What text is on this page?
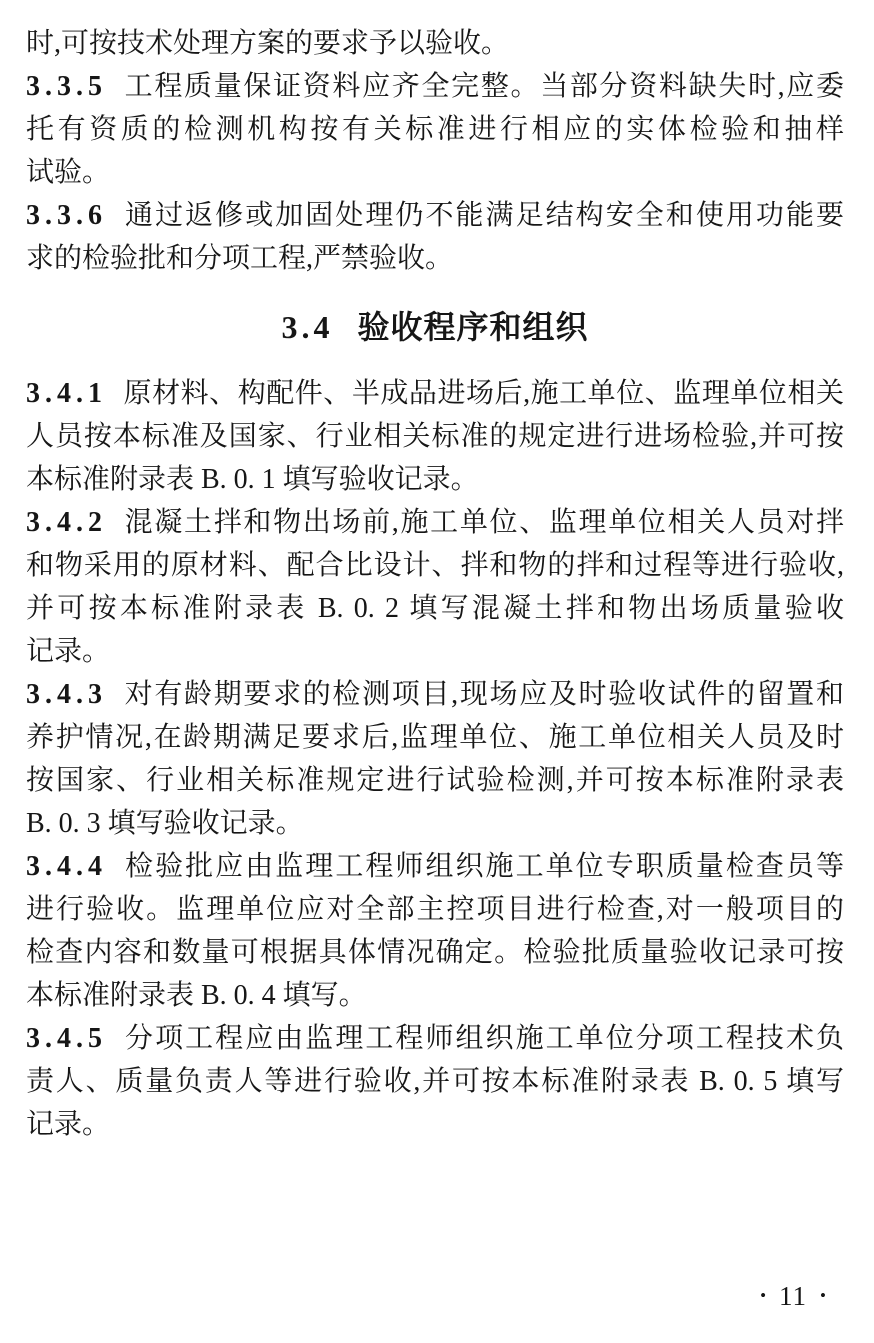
时,可按技术处理方案的要求予以验收。
3.3.5 工程质量保证资料应齐全完整。当部分资料缺失时,应委
托有资质的检测机构按有关标准进行相应的实体检验和抽样
试验。
3.3.6 通过返修或加固处理仍不能满足结构安全和使用功能要
求的检验批和分项工程,严禁验收。
3.4 验收程序和组织
3.4.1 原材料、构配件、半成品进场后,施工单位、监理单位相关
人员按本标准及国家、行业相关标准的规定进行进场检验,并可按
本标准附录表 B. 0. 1 填写验收记录。
3.4.2 混凝土拌和物出场前,施工单位、监理单位相关人员对拌
和物采用的原材料、配合比设计、拌和物的拌和过程等进行验收,
并可按本标准附录表 B. 0. 2 填写混凝土拌和物出场质量验收
记录。
3.4.3 对有龄期要求的检测项目,现场应及时验收试件的留置和
养护情况,在龄期满足要求后,监理单位、施工单位相关人员及时
按国家、行业相关标准规定进行试验检测,并可按本标准附录表
B. 0. 3 填写验收记录。
3.4.4 检验批应由监理工程师组织施工单位专职质量检查员等
进行验收。监理单位应对全部主控项目进行检查,对一般项目的
检查内容和数量可根据具体情况确定。检验批质量验收记录可按
本标准附录表 B. 0. 4 填写。
3.4.5 分项工程应由监理工程师组织施工单位分项工程技术负
责人、质量负责人等进行验收,并可按本标准附录表 B. 0. 5 填写
记录。
• 11 •
